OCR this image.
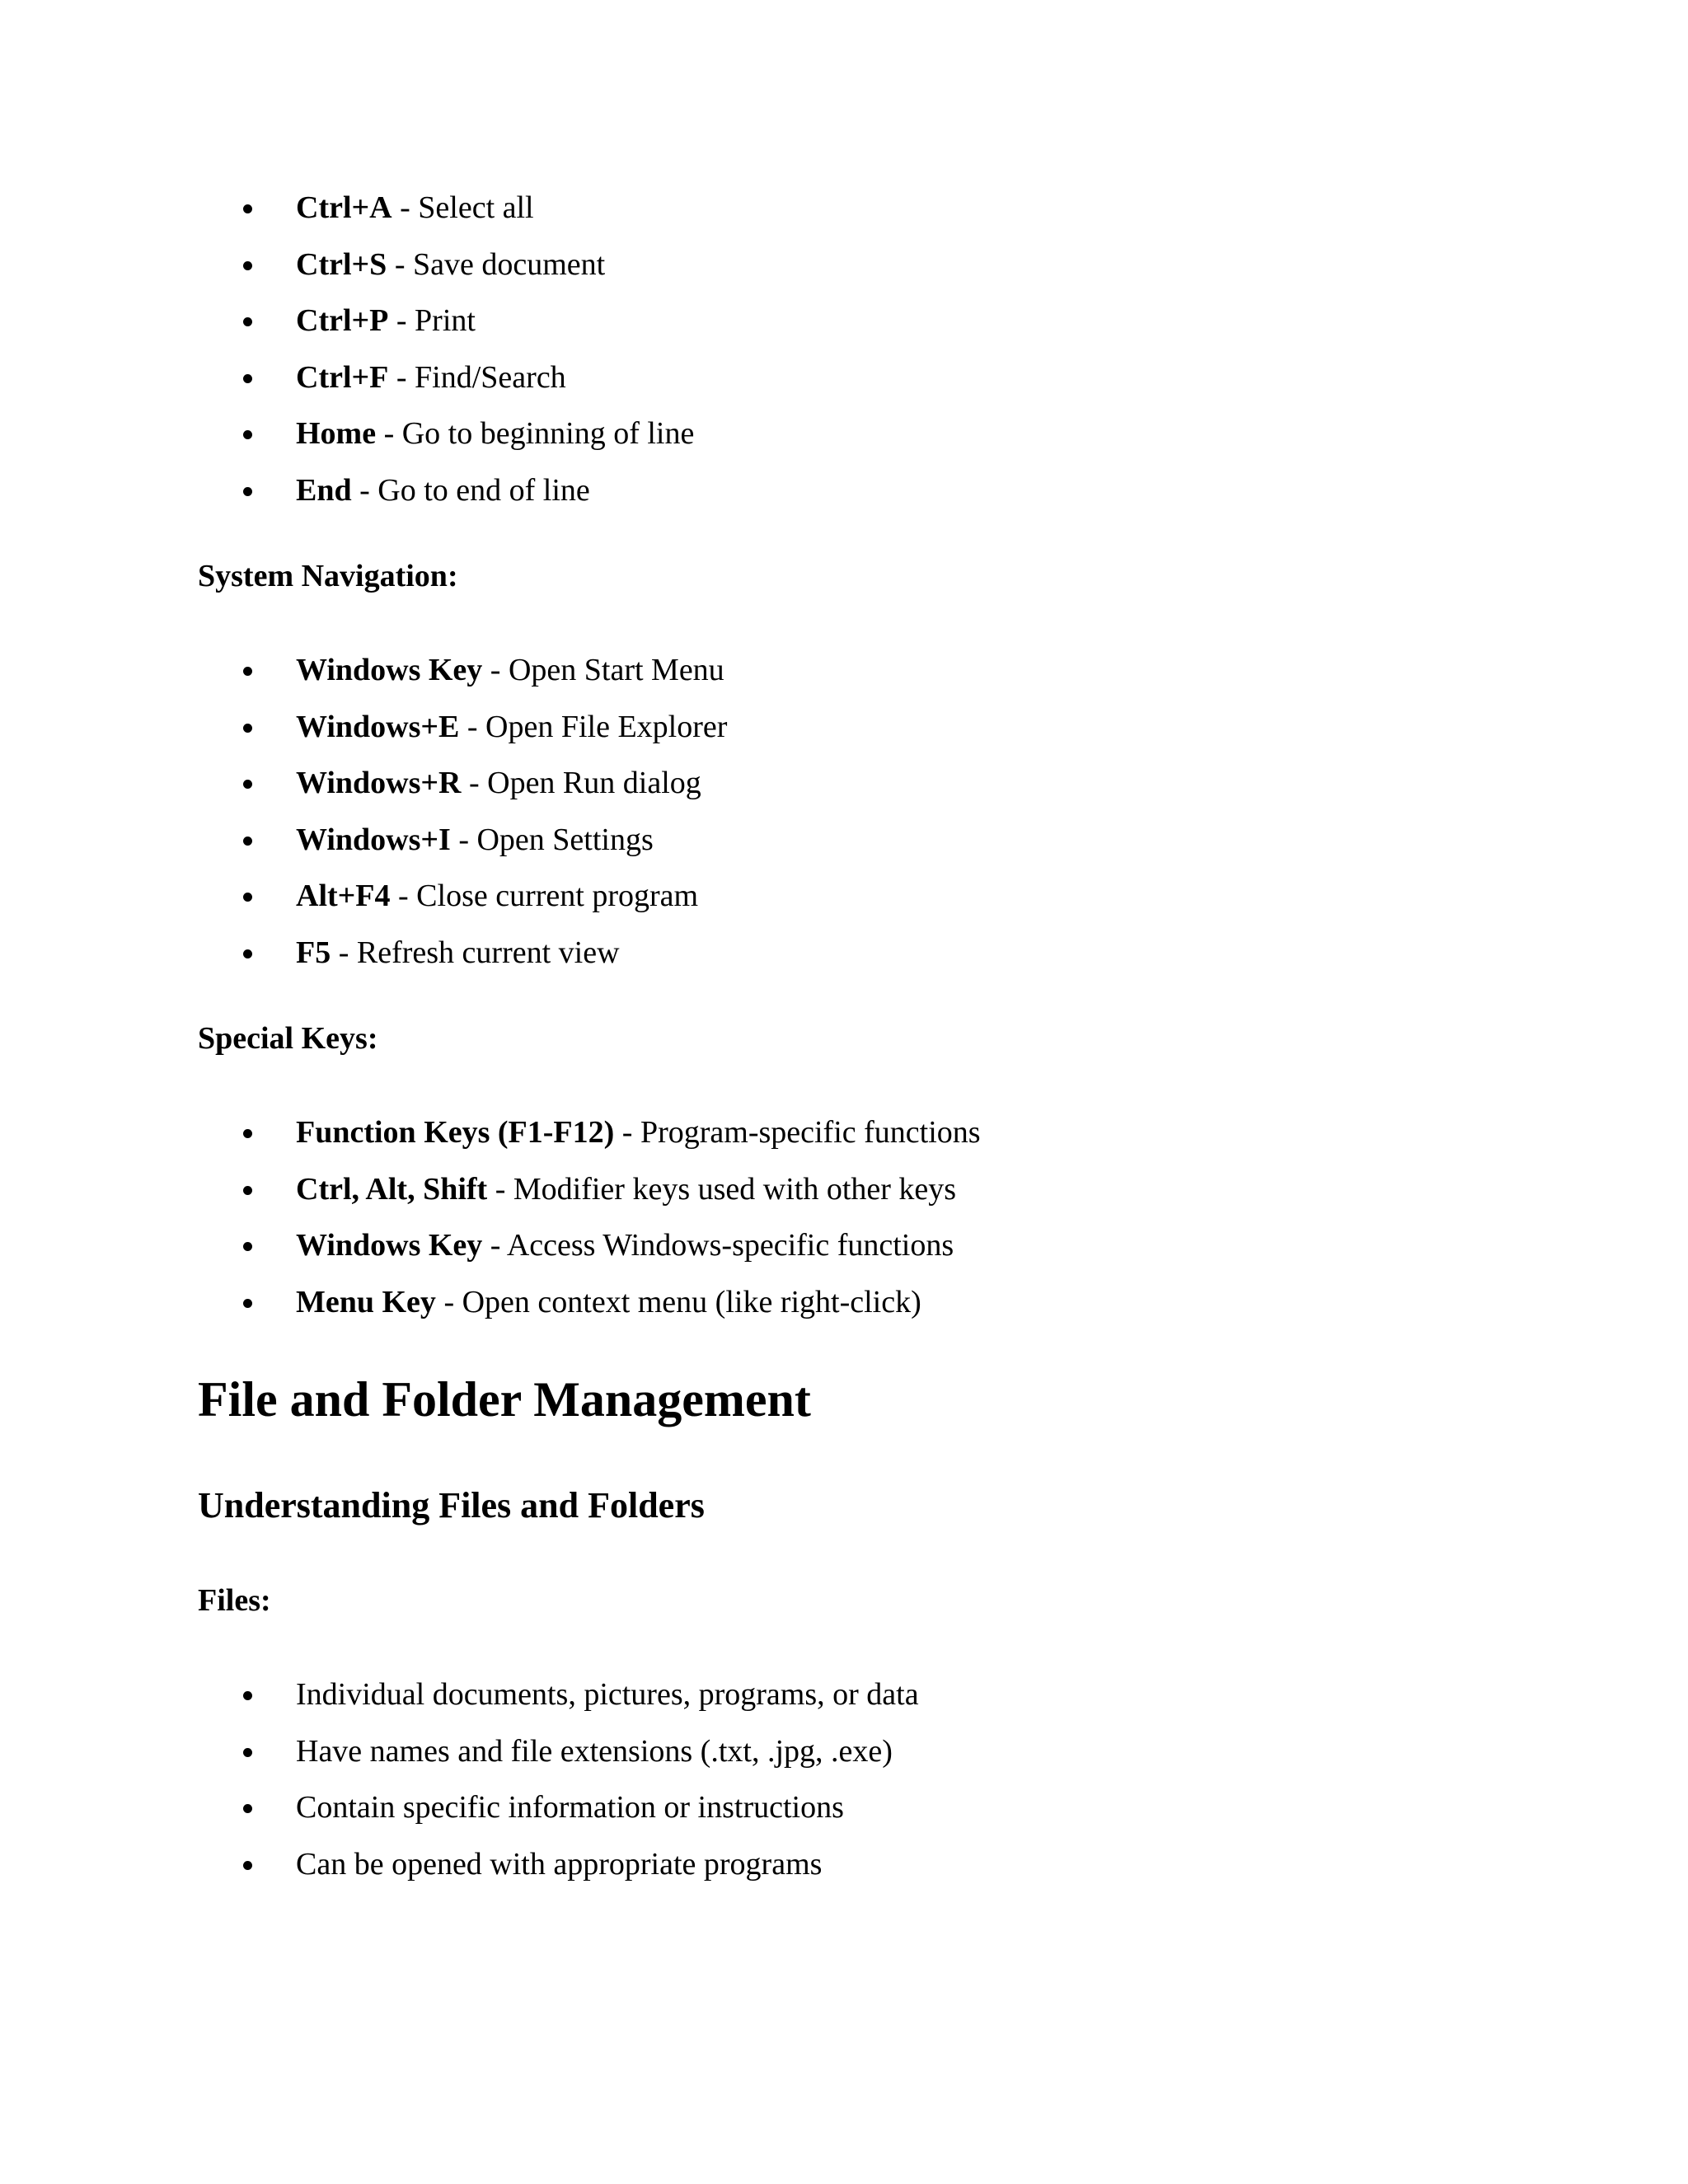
Ctrl+A - Select all
Ctrl+S - Save document
Ctrl+P - Print
Ctrl+F - Find/Search
Home - Go to beginning of line
End - Go to end of line

System Navigation:

Windows Key - Open Start Menu
Windows+E - Open File Explorer
Windows+R - Open Run dialog
Windows+I - Open Settings
Alt+F4 - Close current program
F5 - Refresh current view

Special Keys:

Function Keys (F1-F12) - Program-specific functions
Ctrl, Alt, Shift - Modifier keys used with other keys
Windows Key - Access Windows-specific functions
Menu Key - Open context menu (like right-click)
File and Folder Management
Understanding Files and Folders

Files:

Individual documents, pictures, programs, or data
Have names and file extensions (.txt, .jpg, .exe)
Contain specific information or instructions
Can be opened with appropriate programs
